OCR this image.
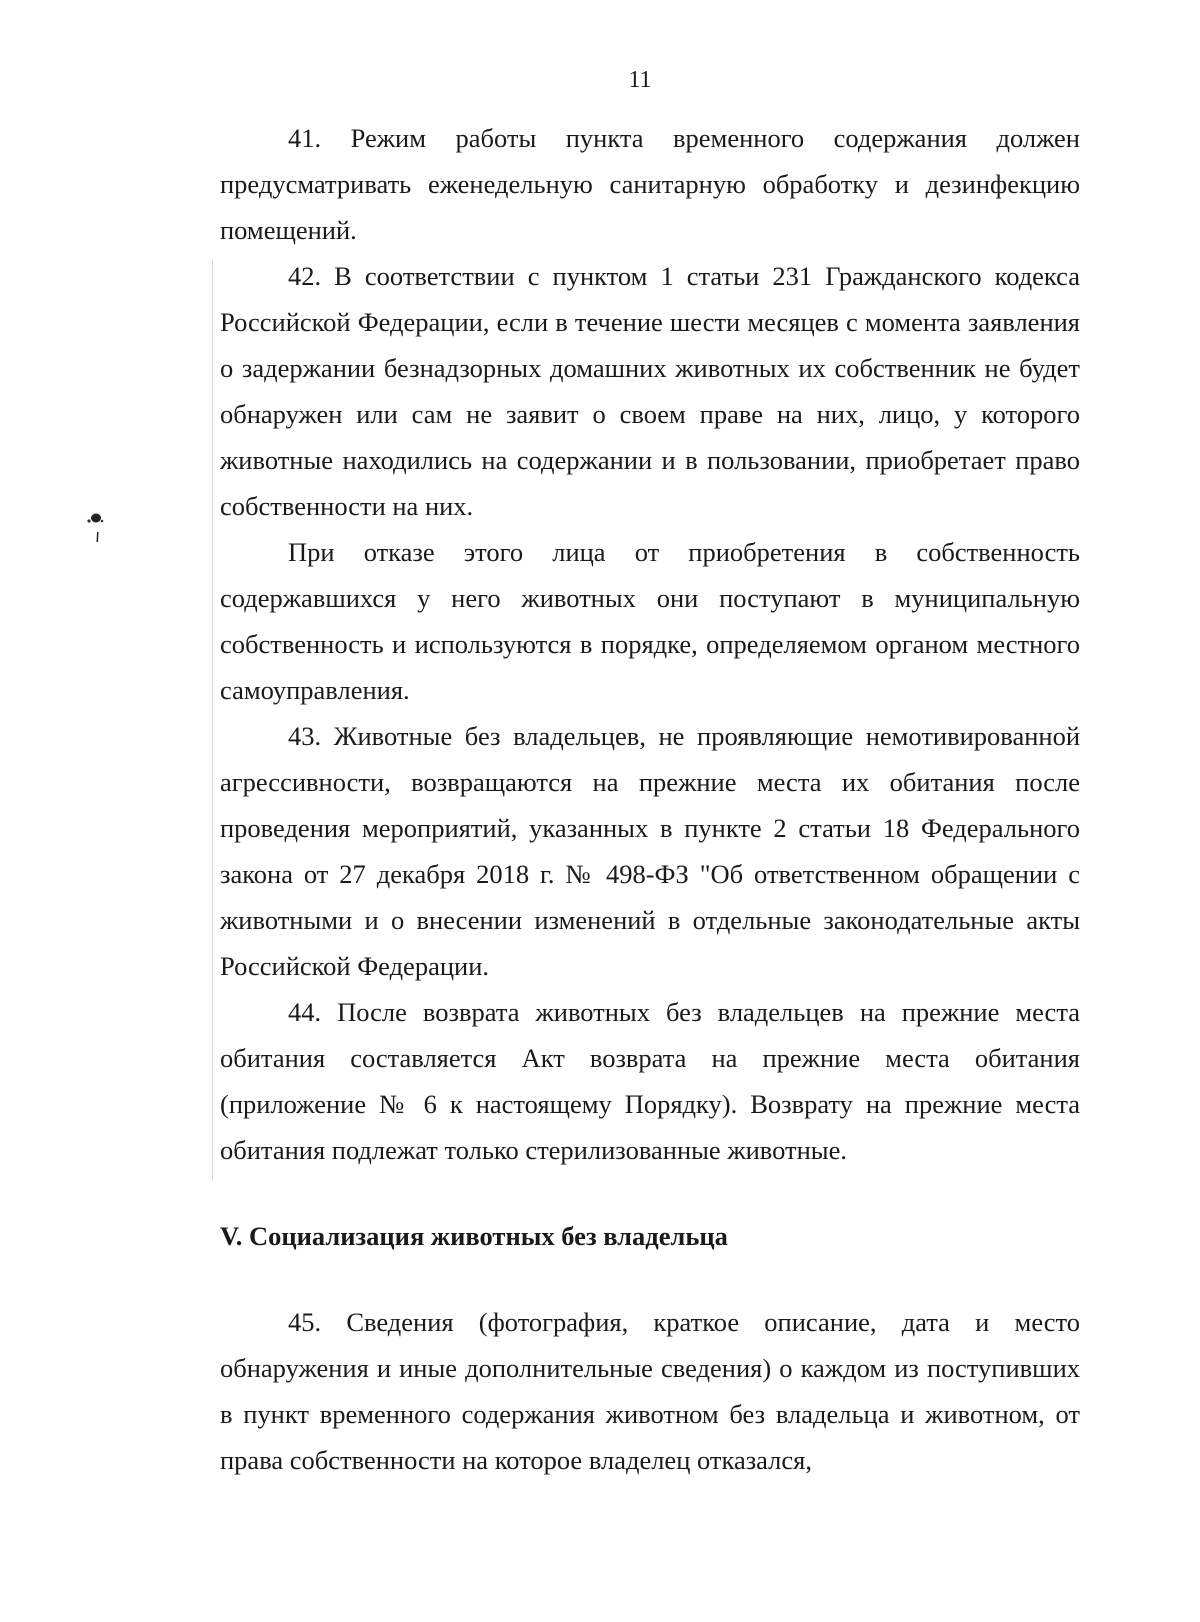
11

41. Режим работы пункта временного содержания должен предусматривать еженедельную санитарную обработку и дезинфекцию помещений.

42. В соответствии с пунктом 1 статьи 231 Гражданского кодекса Российской Федерации, если в течение шести месяцев с момента заявления о задержании безнадзорных домашних животных их собственник не будет обнаружен или сам не заявит о своем праве на них, лицо, у которого животные находились на содержании и в пользовании, приобретает право собственности на них.

При отказе этого лица от приобретения в собственность содержавшихся у него животных они поступают в муниципальную собственность и используются в порядке, определяемом органом местного самоуправления.

43. Животные без владельцев, не проявляющие немотивированной агрессивности, возвращаются на прежние места их обитания после проведения мероприятий, указанных в пункте 2 статьи 18 Федерального закона от 27 декабря 2018 г. № 498-ФЗ "Об ответственном обращении с животными и о внесении изменений в отдельные законодательные акты Российской Федерации.

44. После возврата животных без владельцев на прежние места обитания составляется Акт возврата на прежние места обитания (приложение № 6 к настоящему Порядку). Возврату на прежние места обитания подлежат только стерилизованные животные.

V. Социализация животных без владельца

45. Сведения (фотография, краткое описание, дата и место обнаружения и иные дополнительные сведения) о каждом из поступивших в пункт временного содержания животном без владельца и животном, от права собственности на которое владелец отказался,
